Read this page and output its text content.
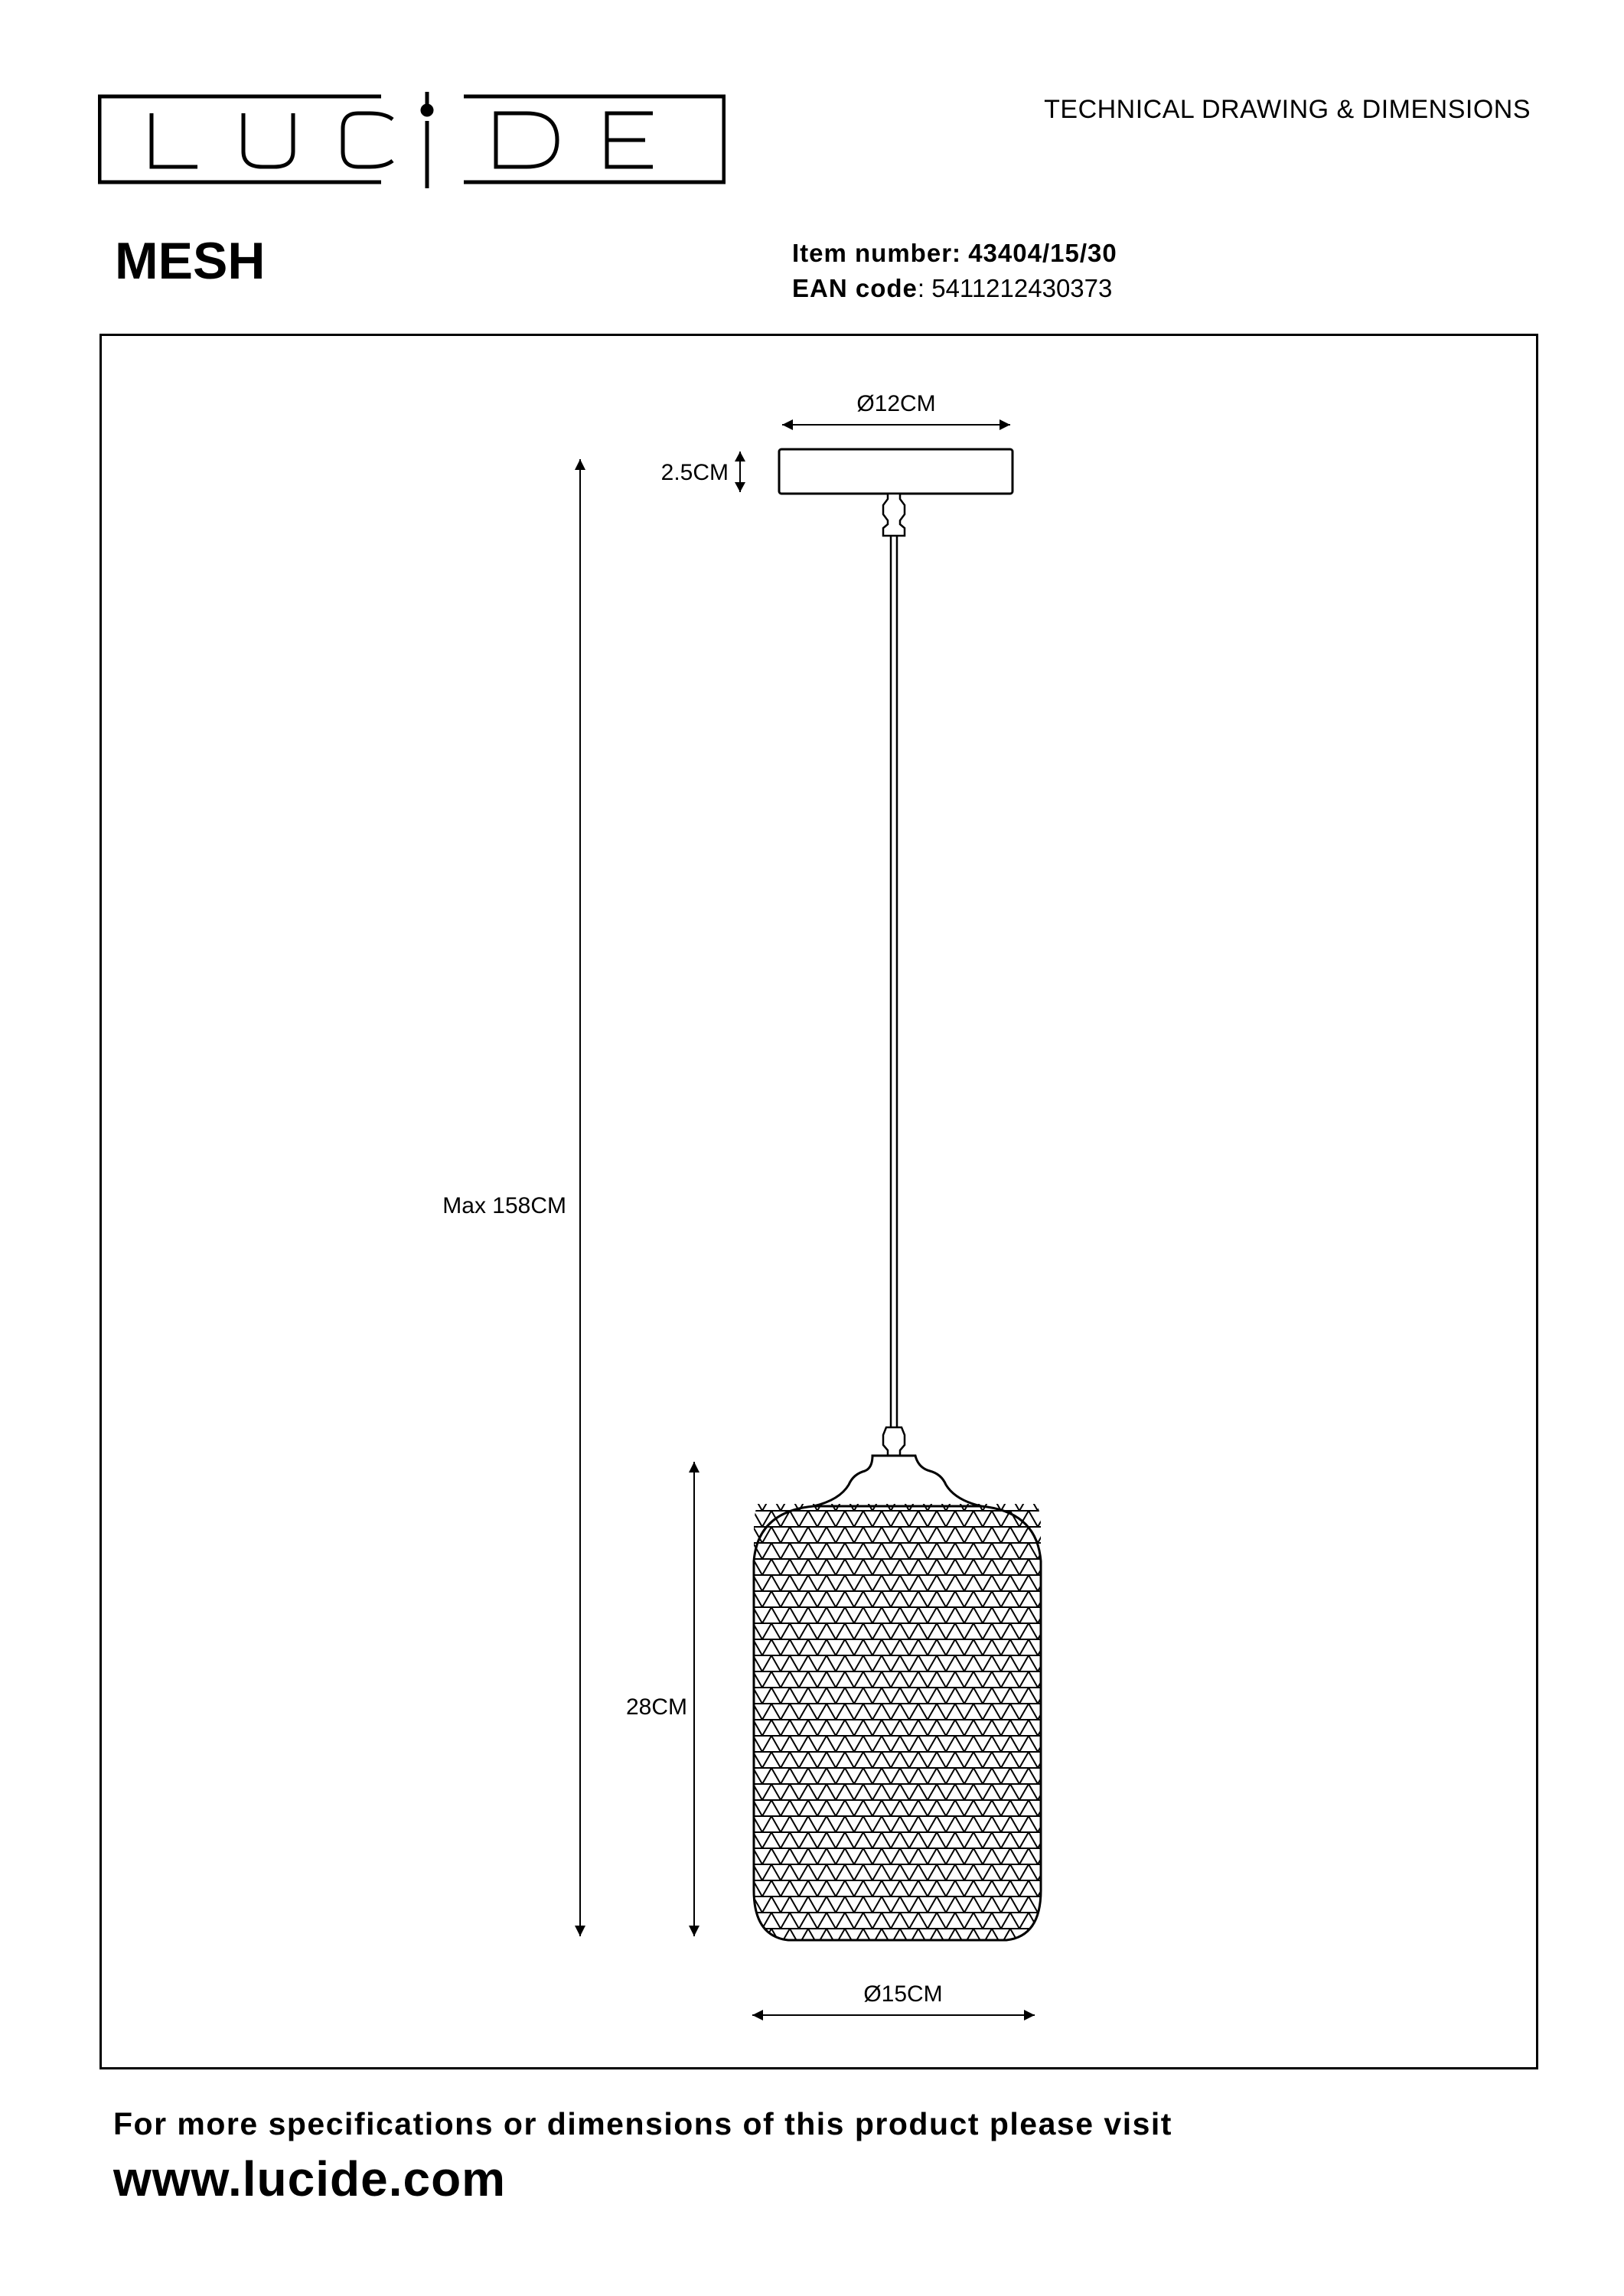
TECHNICAL DRAWING & DIMENSIONS
MESH	Item number: 43404/15/30
EAN code: 5411212430373
Ø12CM
2.5CM
Max 158CM
28CM
Ø15CM
For more specifications or dimensions of this product please visit
www.lucide.com
